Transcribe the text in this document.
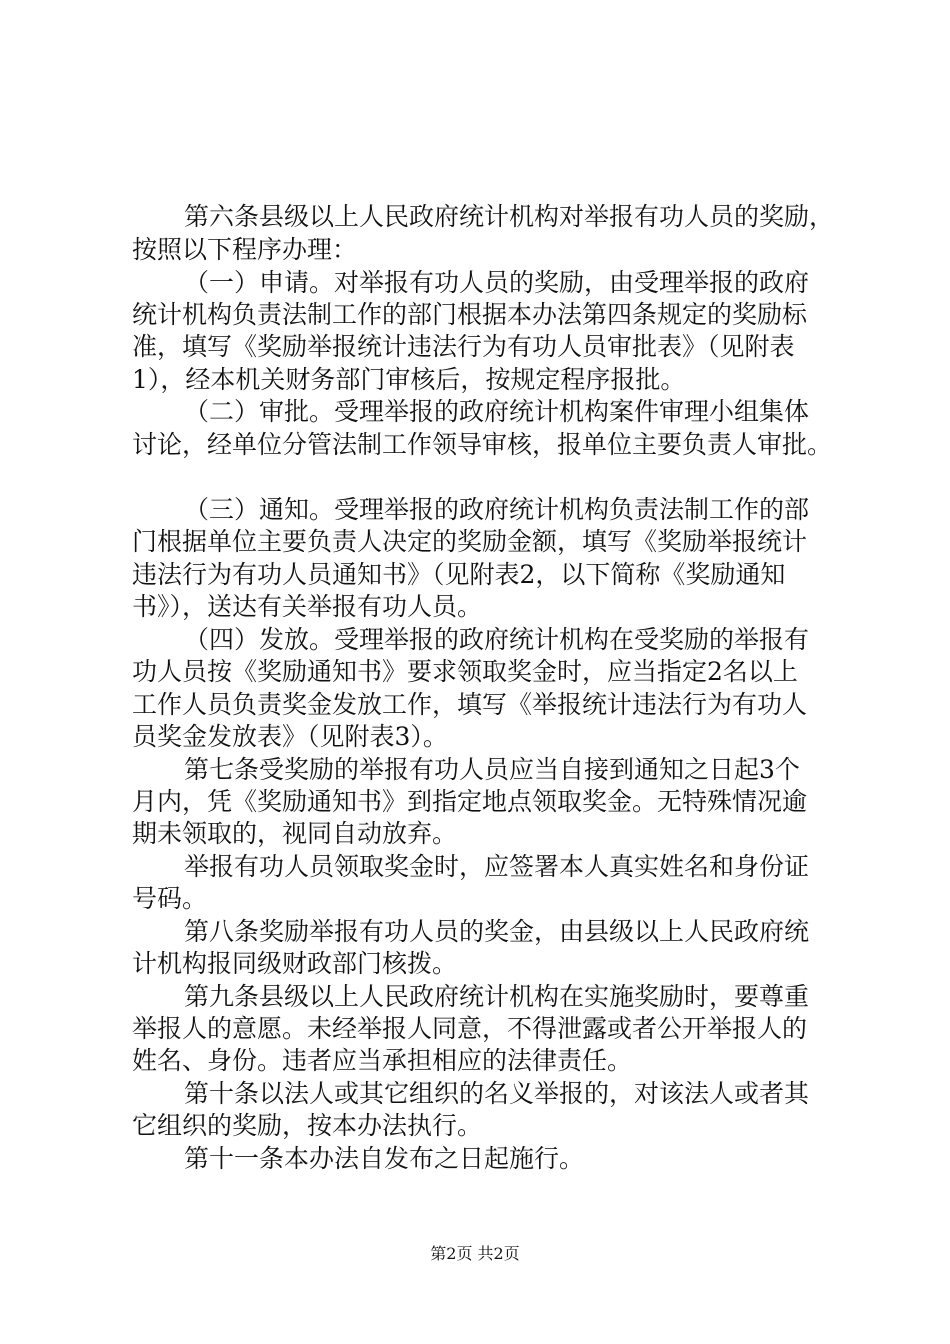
第六条县级以上人民政府统计机构对举报有功人员的奖励，
按照以下程序办理：
（一）申请。对举报有功人员的奖励，由受理举报的政府
统计机构负责法制工作的部门根据本办法第四条规定的奖励标
准，填写《奖励举报统计违法行为有功人员审批表》（见附表
1），经本机关财务部门审核后，按规定程序报批。
（二）审批。受理举报的政府统计机构案件审理小组集体
讨论，经单位分管法制工作领导审核，报单位主要负责人审批。
（三）通知。受理举报的政府统计机构负责法制工作的部
门根据单位主要负责人决定的奖励金额，填写《奖励举报统计
违法行为有功人员通知书》（见附表2，以下简称《奖励通知
书》），送达有关举报有功人员。
（四）发放。受理举报的政府统计机构在受奖励的举报有
功人员按《奖励通知书》要求领取奖金时，应当指定2名以上
工作人员负责奖金发放工作，填写《举报统计违法行为有功人
员奖金发放表》（见附表3）。
第七条受奖励的举报有功人员应当自接到通知之日起3个
月内，凭《奖励通知书》到指定地点领取奖金。无特殊情况逾
期未领取的，视同自动放弃。
举报有功人员领取奖金时，应签署本人真实姓名和身份证
号码。
第八条奖励举报有功人员的奖金，由县级以上人民政府统
计机构报同级财政部门核拨。
第九条县级以上人民政府统计机构在实施奖励时，要尊重
举报人的意愿。未经举报人同意，不得泄露或者公开举报人的
姓名、身份。违者应当承担相应的法律责任。
第十条以法人或其它组织的名义举报的，对该法人或者其
它组织的奖励，按本办法执行。
第十一条本办法自发布之日起施行。
第2页 共2页
